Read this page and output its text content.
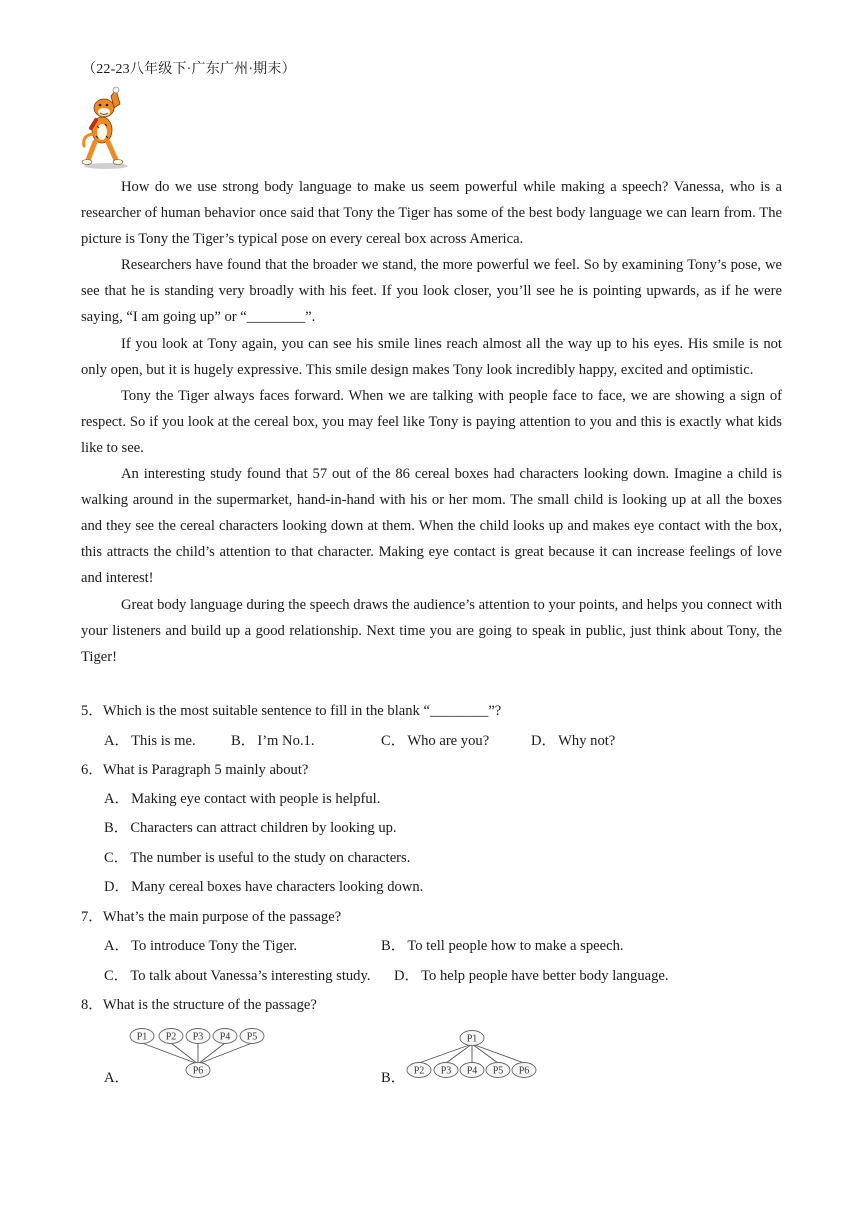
（22-23八年级下·广东广州·期末）

How do we use strong body language to make us seem powerful while making a speech? Vanessa, who is a researcher of human behavior once said that Tony the Tiger has some of the best body language we can learn from. The picture is Tony the Tiger’s typical pose on every cereal box across America.

Researchers have found that the broader we stand, the more powerful we feel. So by examining Tony’s pose, we see that he is standing very broadly with his feet. If you look closer, you’ll see he is pointing upwards, as if he were saying, “I am going up” or “________”.

If you look at Tony again, you can see his smile lines reach almost all the way up to his eyes. His smile is not only open, but it is hugely expressive. This smile design makes Tony look incredibly happy, excited and optimistic.

Tony the Tiger always faces forward. When we are talking with people face to face, we are showing a sign of respect. So if you look at the cereal box, you may feel like Tony is paying attention to you and this is exactly what kids like to see.

An interesting study found that 57 out of the 86 cereal boxes had characters looking down. Imagine a child is walking around in the supermarket, hand-in-hand with his or her mom. The small child is looking up at all the boxes and they see the cereal characters looking down at them. When the child looks up and makes eye contact with the box, this attracts the child’s attention to that character. Making eye contact is great because it can increase feelings of love and interest!

Great body language during the speech draws the audience’s attention to your points, and helps you connect with your listeners and build up a good relationship. Next time you are going to speak in public, just think about Tony, the Tiger!

5．Which is the most suitable sentence to fill in the blank “________”?
A． This is me. B． I’m No.1.	C． Who are you?	D． Why not?
6．What is Paragraph 5 mainly about?
A． Making eye contact with people is helpful.
B． Characters can attract children by looking up.
C． The number is useful to the study on characters.
D． Many cereal boxes have characters looking down.
7．What’s the main purpose of the passage?
A． To introduce Tony the Tiger.	B． To tell people how to make a speech.
C． To talk about Vanessa’s interesting study. D． To help people have better body language.
8．What is the structure of the passage?
A．	B．
P1 P2 P3 P4 P5
P6
P1
P2 P3 P4 P5 P6
